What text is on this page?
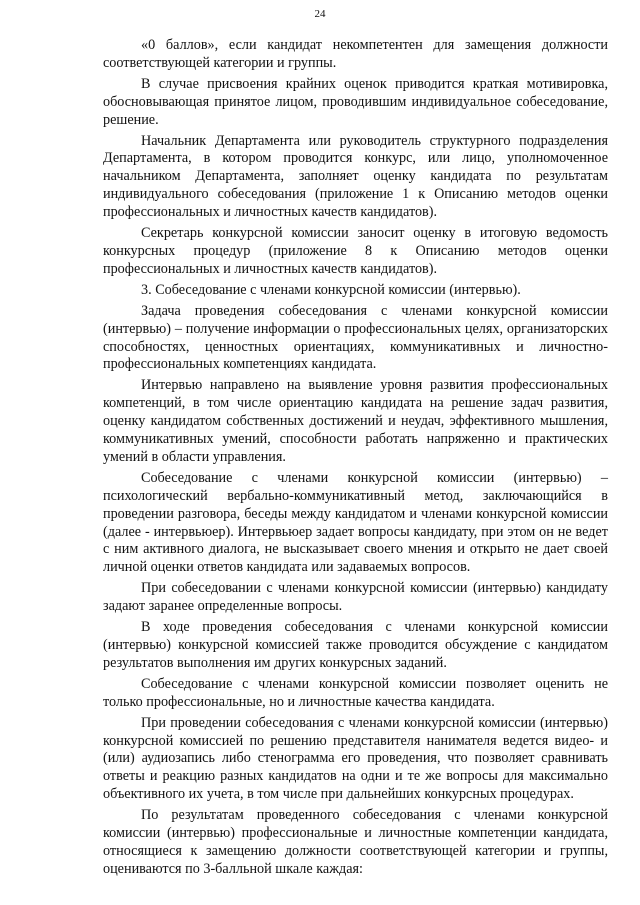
24

«0 баллов», если кандидат некомпетентен для замещения должности соответствующей категории и группы.

В случае присвоения крайних оценок приводится краткая мотивировка, обосновывающая принятое лицом, проводившим индивидуальное собеседование, решение.

Начальник Департамента или руководитель структурного подразделения Департамента, в котором проводится конкурс, или лицо, уполномоченное начальником Департамента, заполняет оценку кандидата по результатам индивидуального собеседования (приложение 1 к Описанию методов оценки профессиональных и личностных качеств кандидатов).

Секретарь конкурсной комиссии заносит оценку в итоговую ведомость конкурсных процедур (приложение 8 к Описанию методов оценки профессиональных и личностных качеств кандидатов).

3. Собеседование с членами конкурсной комиссии (интервью).

Задача проведения собеседования с членами конкурсной комиссии (интервью) – получение информации о профессиональных целях, организаторских способностях, ценностных ориентациях, коммуникативных и личностно-профессиональных компетенциях кандидата.

Интервью направлено на выявление уровня развития профессиональных компетенций, в том числе ориентацию кандидата на решение задач развития, оценку кандидатом собственных достижений и неудач, эффективного мышления, коммуникативных умений, способности работать напряженно и практических умений в области управления.

Собеседование с членами конкурсной комиссии (интервью) – психологический вербально-коммуникативный метод, заключающийся в проведении разговора, беседы между кандидатом и членами конкурсной комиссии (далее - интервьюер). Интервьюер задает вопросы кандидату, при этом он не ведет с ним активного диалога, не высказывает своего мнения и открыто не дает своей личной оценки ответов кандидата или задаваемых вопросов.

При собеседовании с членами конкурсной комиссии (интервью) кандидату задают заранее определенные вопросы.

В ходе проведения собеседования с членами конкурсной комиссии (интервью) конкурсной комиссией также проводится обсуждение с кандидатом результатов выполнения им других конкурсных заданий.

Собеседование с членами конкурсной комиссии позволяет оценить не только профессиональные, но и личностные качества кандидата.

При проведении собеседования с членами конкурсной комиссии (интервью) конкурсной комиссией по решению представителя нанимателя ведется видео- и (или) аудиозапись либо стенограмма его проведения, что позволяет сравнивать ответы и реакцию разных кандидатов на одни и те же вопросы для максимально объективного их учета, в том числе при дальнейших конкурсных процедурах.

По результатам проведенного собеседования с членами конкурсной комиссии (интервью) профессиональные и личностные компетенции кандидата, относящиеся к замещению должности соответствующей категории и группы, оцениваются по 3-балльной шкале каждая:
